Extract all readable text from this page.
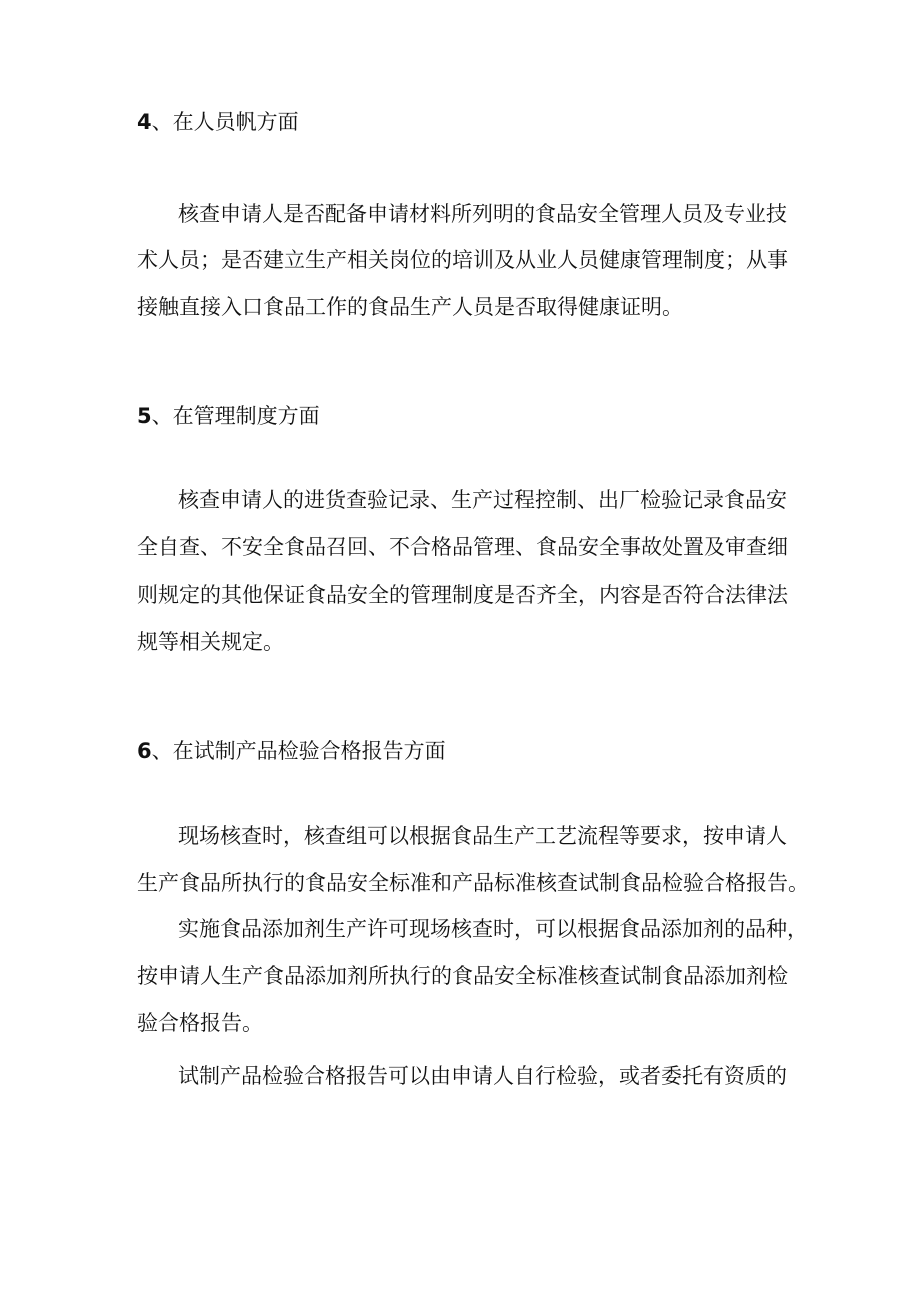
4、在人员帆方面
核查申请人是否配备申请材料所列明的食品安全管理人员及专业技
术人员；是否建立生产相关岗位的培训及从业人员健康管理制度；从事
接触直接入口食品工作的食品生产人员是否取得健康证明。
5、在管理制度方面
核查申请人的进货查验记录、生产过程控制、出厂检验记录食品安
全自查、不安全食品召回、不合格品管理、食品安全事故处置及审查细
则规定的其他保证食品安全的管理制度是否齐全，内容是否符合法律法
规等相关规定。
6、在试制产品检验合格报告方面
现场核查时，核查组可以根据食品生产工艺流程等要求，按申请人
生产食品所执行的食品安全标准和产品标准核查试制食品检验合格报告。
实施食品添加剂生产许可现场核查时，可以根据食品添加剂的品种，
按申请人生产食品添加剂所执行的食品安全标准核查试制食品添加剂检
验合格报告。
试制产品检验合格报告可以由申请人自行检验，或者委托有资质的
